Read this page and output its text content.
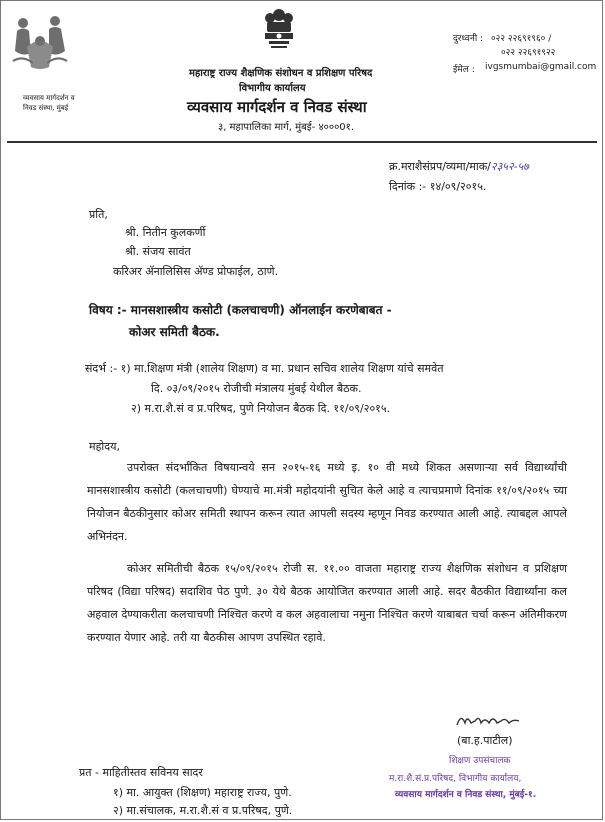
व्यवसाय मार्गदर्शन व
निवड संस्था, मुंबई
महाराष्ट्र राज्य शैक्षणिक संशोधन व प्रशिक्षण परिषद
विभागीय कार्यालय
व्यवसाय मार्गदर्शन व निवड संस्था
३, महापालिका मार्ग, मुंबई- ४०००0१.
दुरध्वनी : ०२२ २२६९१९६० /
०२२ २२६९१९२२
ईमेल : ivgsmumbai@gmail.com
क्र.मराशैसंप्रप/व्यमा/माक/२३५२-५७
दिनांक :- १४/०९/२०१५.
प्रति,
श्री. नितीन कुलकर्णी
श्री. संजय सावंत
करिअर ॲनालिसिस ॲण्ड प्रोफाईल, ठाणे.
विषय :- मानसशास्त्रीय कसोटी (कलचाचणी) ऑनलाईन करणेबाबत -
कोअर समिती बैठक.
संदर्भ :- १) मा.शिक्षण मंत्री (शालेय शिक्षण) व मा. प्रधान सचिव शालेय शिक्षण यांचे समवेत
दि. ०३/०९/२०१५ रोजीची मंत्रालय मुंबई येथील बैठक.
२) म.रा.शै.सं व प्र.परिषद, पुणे नियोजन बैठक दि. ११/०९/२०१५.
महोदय,
उपरोक्त संदर्भांकित विषयान्वये सन २०१५-१६ मध्ये इ. १० वी मध्ये शिकत असणाऱ्या सर्व विद्यार्थ्यांची मानसशास्त्रीय कसोटी (कलचाचणी) घेण्याचे मा.मंत्री महोदयांनी सुचित केले आहे व त्याचप्रमाणे दिनांक ११/०९/२०१५ च्या नियोजन बैठकीनुसार कोअर समिती स्थापन करून त्यात आपली सदस्य म्हणून निवड करण्यात आली आहे. त्याबद्दल आपले अभिनंदन.
कोअर समितीची बैठक १५/०९/२०१५ रोजी स. ११.०० वाजता महाराष्ट्र राज्य शैक्षणिक संशोधन व प्रशिक्षण परिषद (विद्या परिषद) सदाशिव पेठ पुणे. ३० येथे बैठक आयोजित करण्यात आली आहे. सदर बैठकीत विद्यार्थ्यांना कल अहवाल देण्याकरीता कलचाचणी निश्चित करणे व कल अहवालाचा नमुना निश्चित करणे याबाबत चर्चा करून अंतिमीकरण करण्यात येणार आहे. तरी या बैठकीस आपण उपस्थित रहावे.
(बा.ह.पाटील)
शिक्षण उपसंचालक
म.रा.शै.सं.प्र.परिषद, विभागीय कार्यालय,
व्यवसाय मार्गदर्शन व निवड संस्था, मुंबई-१.
प्रत - माहितीस्तव सविनय सादर
१) मा. आयुक्त (शिक्षण) महाराष्ट्र राज्य, पुणे.
२) मा.संचालक, म.रा.शै.सं व प्र.परिषद, पुणे.
